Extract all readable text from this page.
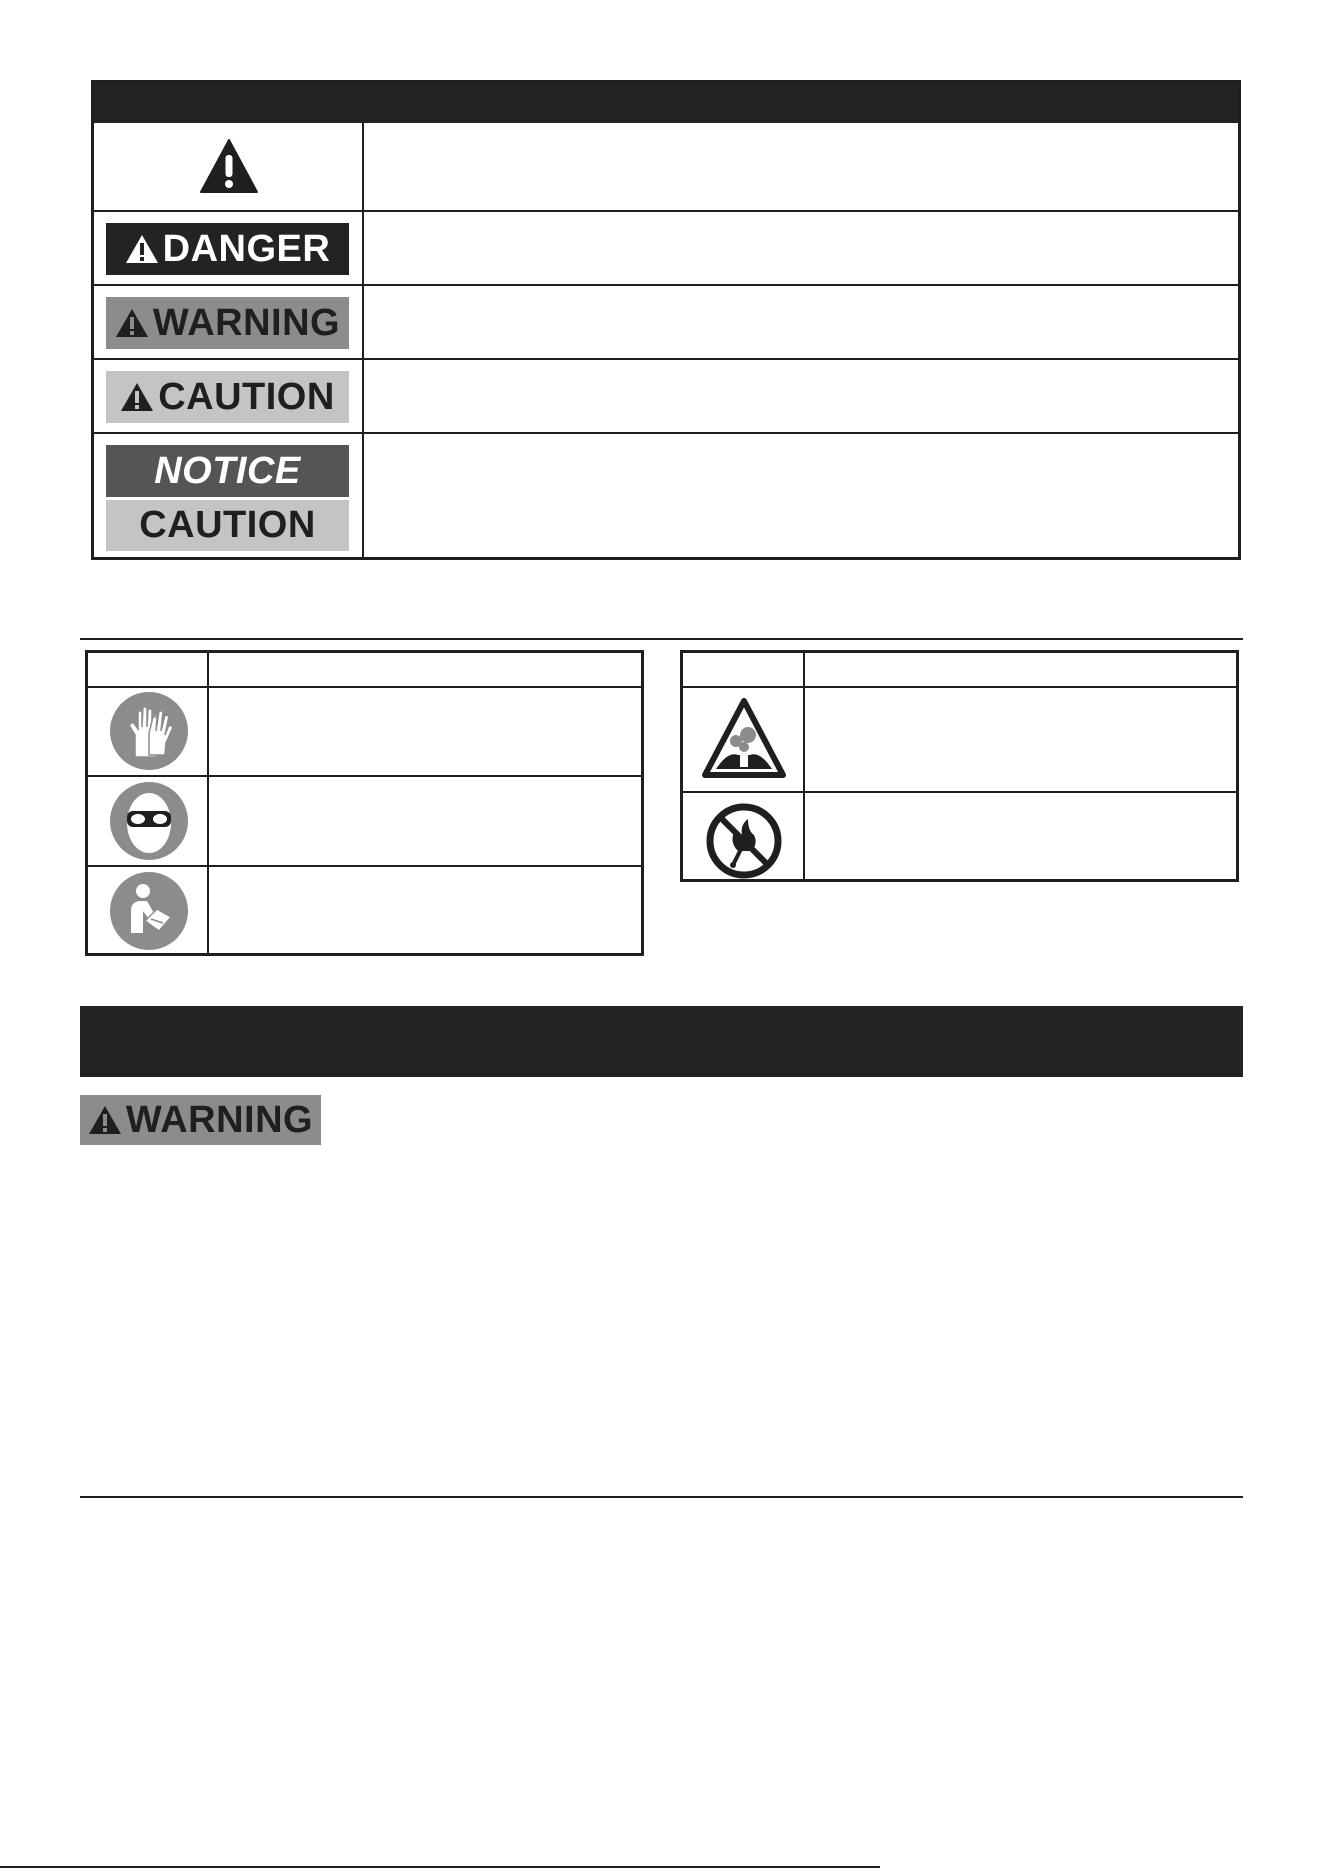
DANGER
WARNING
CAUTION
NOTICE
CAUTION
WARNING
